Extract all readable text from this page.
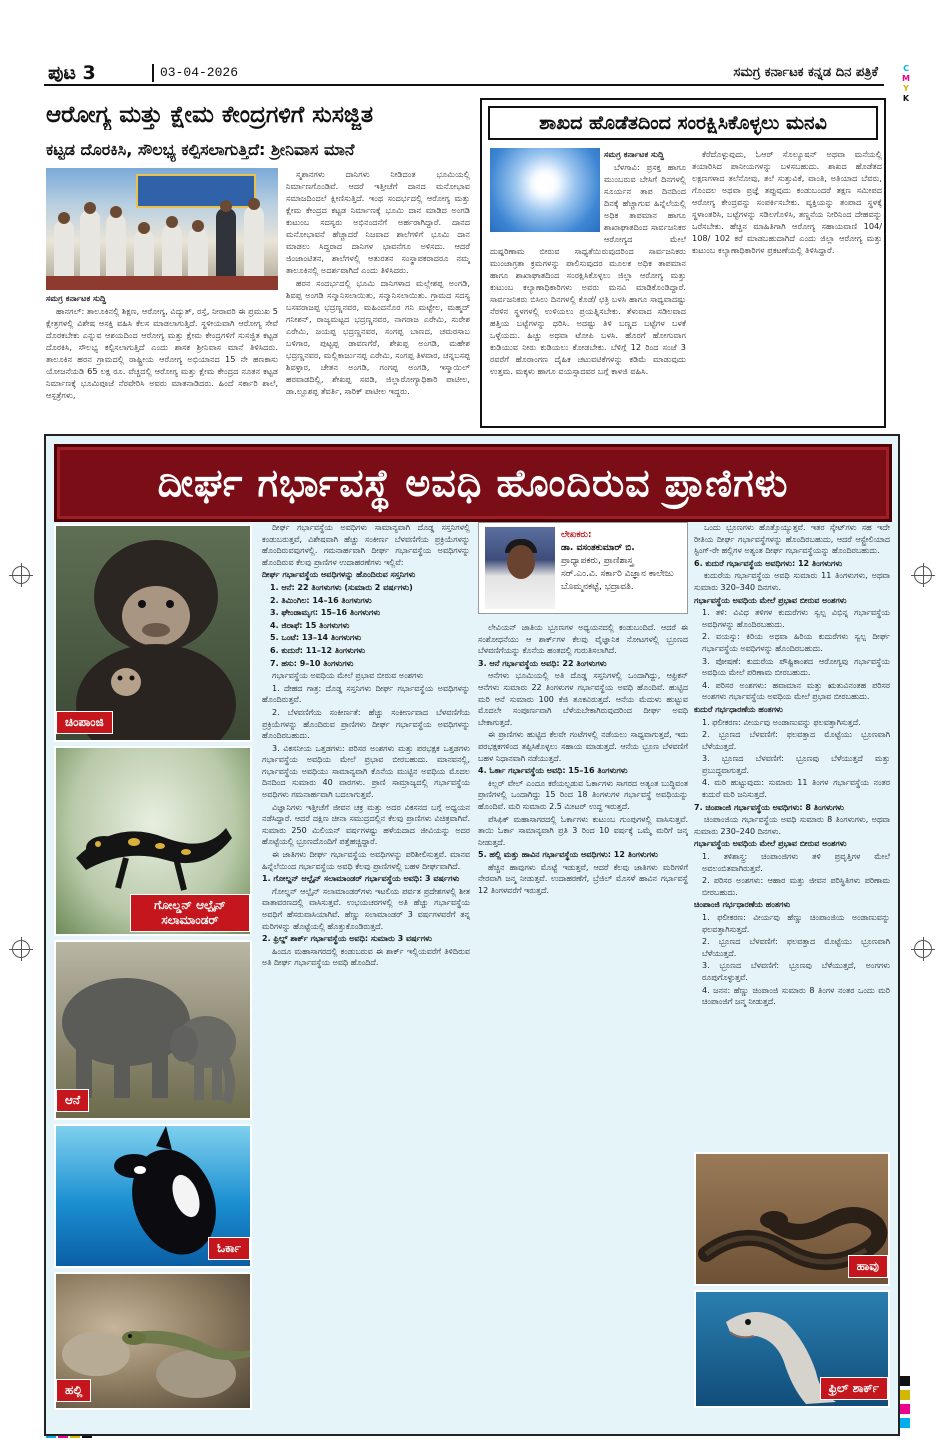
ಪುಟ 3	03-04-2026	ಸಮಗ್ರ ಕರ್ನಾಟಕ ಕನ್ನಡ ದಿನ ಪತ್ರಿಕೆ	C
M
Y
K
ಆರೋಗ್ಯ ಮತ್ತು ಕ್ಷೇಮ ಕೇಂದ್ರಗಳಿಗೆ ಸುಸಜ್ಜಿತ
ಕಟ್ಟಡ ದೊರಕಿಸಿ, ಸೌಲಭ್ಯ ಕಲ್ಪಿಸಲಾಗುತ್ತಿದೆ: ಶ್ರೀನಿವಾಸ ಮಾನೆ

ಸಮಗ್ರ ಕರ್ನಾಟಕ ಸುದ್ದಿ

ಹಾನಗಲ್: ತಾಲೂಕಿನಲ್ಲಿ ಶಿಕ್ಷಣ, ಆರೋಗ್ಯ, ವಿದ್ಯುತ್, ರಸ್ತೆ, ನೀರಾವರಿ ಈ ಪ್ರಮುಖ 5 ಕ್ಷೇತ್ರಗಳಲ್ಲಿ ವಿಶೇಷ ಆಸಕ್ತಿ ವಹಿಸಿ ಕೆಲಸ ಮಾಡಲಾಗುತ್ತಿದೆ. ಸ್ಥಳೀಯವಾಗಿ ಆರೋಗ್ಯ ಸೇವೆ ದೊರಕಬೇಕು ಎನ್ನುವ ಆಶಯದಿಂದ ಆರೋಗ್ಯ ಮತ್ತು ಕ್ಷೇಮ ಕೇಂದ್ರಗಳಿಗೆ ಸುಸಜ್ಜಿತ ಕಟ್ಟಡ ದೊರಕಿಸಿ, ಸೌಲಭ್ಯ ಕಲ್ಪಿಸಲಾಗುತ್ತಿದೆ ಎಂದು ಶಾಸಕ ಶ್ರೀನಿವಾಸ ಮಾನೆ ತಿಳಿಸಿದರು. ತಾಲೂಕಿನ ಹರನ ಗ್ರಾಮದಲ್ಲಿ ರಾಷ್ಟ್ರೀಯ ಆರೋಗ್ಯ ಅಭಿಯಾನದ 15 ನೇ ಹಣಕಾಸು ಯೋಜನೆಯಡಿ 65 ಲಕ್ಷ ರೂ. ವೆಚ್ಚದಲ್ಲಿ ಆರೋಗ್ಯ ಮತ್ತು ಕ್ಷೇಮ ಕೇಂದ್ರದ ನೂತನ ಕಟ್ಟಡ ನಿರ್ಮಾಣಕ್ಕೆ ಭೂಮಿಪೂಜೆ ನೆರವೇರಿಸಿ ಅವರು ಮಾತನಾಡಿದರು. ಹಿಂದೆ ಸರ್ಕಾರಿ ಶಾಲೆ, ಆಸ್ಪತ್ರೆಗಳು,

ಸ್ಮಶಾನಗಳು ದಾನಿಗಳು ನೀಡಿದಂತ ಭೂಮಿಯಲ್ಲಿ ನಿರ್ಮಾಣಗೊಂಡಿವೆ. ಆದರೆ ಇತ್ತೀಚೆಗೆ ದಾನದ ಮನೋಭಾವ ಸಮಾಜದಿಂದಲೆ ಕ್ಷೀಣಿಸುತ್ತಿದೆ. ಇಂಥ ಸಂದರ್ಭದಲ್ಲಿ ಆರೋಗ್ಯ ಮತ್ತು ಕ್ಷೇಮ ಕೇಂದ್ರದ ಕಟ್ಟಡ ನಿರ್ಮಾಣಕ್ಕೆ ಭೂಮಿ ದಾನ ಮಾಡಿದ ಅಂಗಡಿ ಕುಟುಂಬ ಸದಸ್ಯರು ಅಭಿನಂದನೆಗೆ ಅರ್ಹರಾಗಿದ್ದಾರೆ. ದಾನದ ಮನೋಭಾವನೆ ಹೆಚ್ಚಾದರೆ ನಿಜವಾದ ಶಾಲೆಗಳಿಗೆ ಭೂಮಿ ದಾನ ಮಾಡಲು ಸಿದ್ಧರಾದ ದಾನಿಗಳ ಭಾವನೆಗೂ ಅಳಿಸದು. ಆದರೆ ಜಿಂಜಾಂಟಿತನ, ಶಾಲೆಗಳಲ್ಲಿ ಆತುರತನ ಸಂಸ್ಥಾಪಕರಾದರೂ ನಮ್ಮ ತಾಲೂಕಿನಲ್ಲಿ ಅದರ್ಶವಾಗಿದೆ ಎಂದು ತಿಳಿಸಿದರು.

ಹರನ ಸಂದರ್ಭದಲ್ಲಿ ಭೂಮಿ ದಾನಿಗಳಾದ ಮಲ್ಲೇಶಪ್ಪ ಅಂಗಡಿ, ಶಿವಪ್ಪ ಅಂಗಡಿ ಸನ್ಮಾನಿಸಲಾಯಿತು, ಸನ್ಮಾನಿಸಲಾಯಿತು. ಗ್ರಾಮದ ಸದಸ್ಯ ಬಸವರಾಜಪ್ಪ ಭದ್ರಣ್ಣನವರ, ಮಹಿಂದನೊರ ಗನಿ ಮಟ್ಟೇಲ, ಮಹ್ಮದ್ ಗನೀಶನ್, ರಾಜ್ಯಮಟ್ಟದ ಭದ್ರಣ್ಣನವರ, ನಾಗರಾಜ ಎರೇಮಿ, ಸುರೇಶ ಎರೇಮಿ, ಜಯಪ್ಪ ಭದ್ರಣ್ಣನವರ, ಸಂಗಪ್ಪ ಬಾಣದ, ಚಮರಸಾಬ ಬಳಿಗಾರ, ಪುಟ್ಟಪ್ಪ ಡಾವಣಗೆರೆ, ಶೇಖಪ್ಪ ಅಂಗಡಿ, ಮಹೇಶ ಭದ್ರಣ್ಣನವರ, ಮಲ್ಲಿಕಾರ್ಜುನಪ್ಪ ಎರೇಮಿ, ಸಂಗಪ್ಪ ತಿಳವಾರ, ಚನ್ನಬಸಪ್ಪ ಶಿವಳ್ಳಾರ, ಚೇತನ ಅಂಗಡಿ, ಗಂಗಪ್ಪ ಅಂಗಡಿ, ಇಸ್ಮಾಯಿಲ್ ಹರವಾಡದಿಲ್ಲಿ, ಶೇಖಪ್ಪ ಸವಡಿ, ಜಿಲ್ಲಾರೋಗ್ಯಾಧಿಕಾರಿ ಪಾಟೀಲ, ಡಾ.ಲ್ಪೂಶಪ್ಪ ತೆವರ್ತಿ, ಸಾರಿಕ್ ಪಾಟೀಲ ಇದ್ದರು.

ಶಾಖದ ಹೊಡೆತದಿಂದ ಸಂರಕ್ಷಿಸಿಕೊಳ್ಳಲು ಮನವಿ

ಸಮಗ್ರ ಕರ್ನಾಟಕ ಸುದ್ದಿ

ಬೆಳಗಾವಿ: ಪ್ರಸಕ್ತ ಹಾಗೂ ಮುಂಬರುವ ಬೇಸಿಗೆ ದಿನಗಳಲ್ಲಿ ಸೂರ್ಯನ ತಾಪ ದಿನದಿಂದ ದಿನಕ್ಕೆ ಹೆಚ್ಚಾಗುವ ಹಿನ್ನೆಲೆಯಲ್ಲಿ ಅಧಿಕ ತಾಪಮಾನ ಹಾಗೂ ಶಾಖಾಘಾತದಿಂದ ಸಾರ್ವಜನಿಕರ ಆರೋಗ್ಯದ ಮೇಲೆ ದುಷ್ಪರಿಣಾಮ ಬೀರುವ ಸಾಧ್ಯತೆಯಿರುವುದರಿಂದ ಸಾರ್ವಜನಿಕರು ಮುಂಜಾಗ್ರತಾ ಕ್ರಮಗಳನ್ನು ಪಾಲಿಸುವುದರ ಮೂಲಕ ಅಧಿಕ ತಾಪಮಾನ ಹಾಗೂ ಶಾಖಾಘಾತದಿಂದ ಸಂರಕ್ಷಿಸಿಕೊಳ್ಳಲು ಜಿಲ್ಲಾ ಆರೋಗ್ಯ ಮತ್ತು ಕುಟುಂಬ ಕಲ್ಯಾಣಾಧಿಕಾರಿಗಳು ಅವರು ಮನವಿ ಮಾಡಿಕೊಂಡಿದ್ದಾರೆ. ಸಾರ್ವಜನಿಕರು ಬಿಸಿಲು ದಿನಗಳಲ್ಲಿ ಕೊಡೆ/ ಛತ್ರಿ ಬಳಸಿ ಹಾಗೂ ಸಾಧ್ಯವಾದಷ್ಟು ನೆರಳಿನ ಸ್ಥಳಗಳಲ್ಲಿ ಉಳಿಯಲು ಪ್ರಯತ್ನಿಸಬೇಕು. ತೆಳುವಾದ ಸಡಿಲವಾದ ಹತ್ತಿಯ ಬಟ್ಟೆಗಳನ್ನು ಧರಿಸಿ. ಅದಷ್ಟು ತಿಳಿ ಬಣ್ಣದ ಬಟ್ಟೆಗಳ ಬಳಕೆ ಒಳ್ಳೆಯದು. ಹಿಚ್ಚು ಅಥವಾ ಟೋಪಿ ಬಳಸಿ. ಹೊರಗೆ ಹೋಗುವಾಗ ಕುಡಿಯುವ ನೀರು ಕುಡಿಯಲು ಕೋಡಬೇಕು. ಬೆಳಿಗ್ಗೆ 12 ರಿಂದ ಸಂಜೆ 3 ರವರೆಗೆ ಹೊರಾಂಗಣ ದೈಹಿಕ ಚಟುವಟಿಕೆಗಳನ್ನು ಕಡಿಮೆ ಮಾಡುವುದು ಉತ್ತಮ. ಮಕ್ಕಳು ಹಾಗೂ ವಯಸ್ಸಾದವರ ಬಗ್ಗೆ ಕಾಳಜಿ ವಹಿಸಿ.

ಕೆರೆದೊಳ್ಳುವುದು, ಓಆರ್ ಸೊಲ್ಯೂಷನ್ ಅಥವಾ ಮನೆಯಲ್ಲಿ ತಯಾರಿಸಿದ ಪಾನೀಯಗಳನ್ನು ಬಳಸಬಹುದು. ಶಾಖದ ಹೊಡೆತದ ಲಕ್ಷಣಗಳಾದ ತಲೆನೋವು, ತಲೆ ಸುತ್ತುವಿಕೆ, ವಾಂತಿ, ಅತಿಯಾದ ಬೆವರು, ಗೊಂದಲ ಅಥವಾ ಪ್ರಜ್ಞೆ ತಪ್ಪುವುದು ಕಂಡುಬಂದರೆ ತಕ್ಷಣ ಸಮೀಪದ ಆರೋಗ್ಯ ಕೇಂದ್ರವನ್ನು ಸಂಪರ್ಕಿಸಬೇಕು. ವ್ಯಕ್ತಿಯನ್ನು ತಂಪಾದ ಸ್ಥಳಕ್ಕೆ ಸ್ಥಳಾಂತರಿಸಿ, ಬಟ್ಟೆಗಳನ್ನು ಸಡಿಲಗೊಳಿಸಿ, ತಣ್ಣನೆಯ ನೀರಿನಿಂದ ದೇಹವನ್ನು ಒರೆಸಬೇಕು. ಹೆಚ್ಚಿನ ಮಾಹಿತಿಗಾಗಿ ಆರೋಗ್ಯ ಸಹಾಯವಾಣಿ 104/ 108/ 102 ಕರೆ ಮಾಡಬಹುದಾಗಿದೆ ಎಂದು ಜಿಲ್ಲಾ ಆರೋಗ್ಯ ಮತ್ತು ಕುಟುಂಬ ಕಲ್ಯಾಣಾಧಿಕಾರಿಗಳ ಪ್ರಕಟಣೆಯಲ್ಲಿ ತಿಳಿಸಿದ್ದಾರೆ.

ದೀರ್ಘ ಗರ್ಭಾವಸ್ಥೆ ಅವಧಿ ಹೊಂದಿರುವ ಪ್ರಾಣಿಗಳು
ಚಿಂಪಾಂಜಿ
ಗೋಲ್ಡನ್ ಆಲ್ಪೈನ್ ಸಲಾಮಾಂಡರ್
ಆನೆ
ಓರ್ಕಾ
ಹಲ್ಲಿ
ಹಾವು
ಫ್ರಿಲ್ ಶಾರ್ಕ್
ಲೇಖಕರು:
ಡಾ. ವಸಂತಕುಮಾರ್ ಬಿ.
ಪ್ರಾಧ್ಯಾಪಕರು, ಪ್ರಾಣಿಶಾಸ್ತ್ರ
ಸರ್.ಎಂ.ವಿ. ಸರ್ಕಾರಿ ವಿಜ್ಞಾನ ಕಾಲೇಜು
ಬೊಮ್ಮನಕಟ್ಟೆ, ಭದ್ರಾವತಿ.

ದೀರ್ಘ ಗರ್ಭಾವಸ್ಥೆಯ ಅವಧಿಗಳು ಸಾಮಾನ್ಯವಾಗಿ ದೊಡ್ಡ ಸಸ್ತನಿಗಳಲ್ಲಿ ಕಂಡುಬರುತ್ತವೆ, ವಿಶೇಷವಾಗಿ ಹೆಚ್ಚು ಸಂಕೀರ್ಣ ಬೆಳವಣಿಗೆಯ ಪ್ರಕ್ರಿಯೆಗಳನ್ನು ಹೊಂದಿರುವವುಗಳಲ್ಲಿ. ಗಮನಾರ್ಹವಾಗಿ ದೀರ್ಘ ಗರ್ಭಾವಸ್ಥೆಯ ಅವಧಿಗಳನ್ನು ಹೊಂದಿರುವ ಕೆಲವು ಪ್ರಾಣಿಗಳ ಉದಾಹರಣೆಗಳು ಇಲ್ಲಿವೆ:

ದೀರ್ಘ ಗರ್ಭಾವಸ್ಥೆಯ ಅವಧಿಗಳನ್ನು ಹೊಂದಿರುವ ಸಸ್ತನಿಗಳು

1. ಆನೆ: 22 ತಿಂಗಳುಗಳು (ಸುಮಾರು 2 ವರ್ಷಗಳು)

2. ತಿಮಿಂಗಿಲ: 14–16 ತಿಂಗಳುಗಳು

3. ಘೇಂಡಾಮೃಗ: 15–16 ತಿಂಗಳುಗಳು

4. ಜಿರಾಫೆ: 15 ತಿಂಗಳುಗಳು

5. ಒಂಟೆ: 13–14 ತಿಂಗಳುಗಳು

6. ಕುದುರೆ: 11–12 ತಿಂಗಳುಗಳು

7. ಹಸು: 9–10 ತಿಂಗಳುಗಳು

ಗರ್ಭಾವಸ್ಥೆಯ ಅವಧಿಯ ಮೇಲೆ ಪ್ರಭಾವ ಬೀರುವ ಅಂಶಗಳು

1. ದೇಹದ ಗಾತ್ರ: ದೊಡ್ಡ ಸಸ್ತನಿಗಳು ದೀರ್ಘ ಗರ್ಭಾವಸ್ಥೆಯ ಅವಧಿಗಳನ್ನು ಹೊಂದಿರುತ್ತವೆ.

2. ಬೆಳವಣಿಗೆಯ ಸಂಕೀರ್ಣತೆ: ಹೆಚ್ಚು ಸಂಕೀರ್ಣವಾದ ಬೆಳವಣಿಗೆಯ ಪ್ರಕ್ರಿಯೆಗಳನ್ನು ಹೊಂದಿರುವ ಪ್ರಾಣಿಗಳು ದೀರ್ಘ ಗರ್ಭಾವಸ್ಥೆಯ ಅವಧಿಗಳನ್ನು ಹೊಂದಿರಬಹುದು.

3. ವಿಕಸನೀಯ ಒತ್ತಡಗಳು: ಪರಿಸರ ಅಂಶಗಳು ಮತ್ತು ಪರಭಕ್ಷಕ ಒತ್ತಡಗಳು ಗರ್ಭಾವಸ್ಥೆಯ ಅವಧಿಯ ಮೇಲೆ ಪ್ರಭಾವ ಬೀರಬಹುದು. ಮಾನವನಲ್ಲಿ, ಗರ್ಭಾವಸ್ಥೆಯ ಅವಧಿಯು ಸಾಮಾನ್ಯವಾಗಿ ಕೊನೆಯ ಮುಟ್ಟಿನ ಅವಧಿಯ ಮೊದಲ ದಿನದಿಂದ ಸುಮಾರು 40 ವಾರಗಳು. ಪ್ರಾಣಿ ಸಾಮ್ರಾಜ್ಯದಲ್ಲಿ ಗರ್ಭಾವಸ್ಥೆಯ ಅವಧಿಗಳು ಗಮನಾರ್ಹವಾಗಿ ಬದಲಾಗುತ್ತವೆ.

ವಿಜ್ಞಾನಿಗಳು ಇತ್ತೀಚೆಗೆ ಜೀವನ ಚಕ್ರ ಮತ್ತು ಅದರ ವಿಕಸನದ ಬಗ್ಗೆ ಅಧ್ಯಯನ ನಡೆಸಿದ್ದಾರೆ. ಆದರೆ ದಕ್ಷಿಣ ಚೀನಾ ಸಮುದ್ರದಲ್ಲಿನ ಕೆಲವು ಪ್ರಾಣಿಗಳು ವಿಚಿತ್ರವಾಗಿವೆ. ಸುಮಾರು 250 ಮಿಲಿಯನ್ ವರ್ಷಗಳಷ್ಟು ಹಳೆಯದಾದ ಜೀವಿಯನ್ನು ಅದರ ಹೊಟ್ಟೆಯಲ್ಲಿ ಭ್ರೂಣದೊಂದಿಗೆ ಪತ್ತೆಹಚ್ಚಿದ್ದಾರೆ.

ಈ ಜಾತಿಗಳು ದೀರ್ಘ ಗರ್ಭಾವಸ್ಥೆಯ ಅವಧಿಗಳನ್ನು ಪರಿಶೀಲಿಸುತ್ತವೆ. ಮಾನವ ಹಿನ್ನೆಲೆಯಿಂದ ಗರ್ಭಾವಸ್ಥೆಯ ಅವಧಿ ಕೆಲವು ಪ್ರಾಣಿಗಳಲ್ಲಿ ಬಹಳ ದೀರ್ಘವಾಗಿದೆ.

1. ಗೋಲ್ಡನ್ ಆಲ್ಪೈನ್ ಸಲಾಮಾಂಡರ್ ಗರ್ಭಾವಸ್ಥೆಯ ಅವಧಿ: 3 ವರ್ಷಗಳು

ಗೋಲ್ಡನ್ ಆಲ್ಪೈನ್ ಸಲಾಮಾಂಡರ್‌ಗಳು ಇಟಲಿಯ ಪರ್ವತ ಪ್ರದೇಶಗಳಲ್ಲಿ ಶೀತ ವಾತಾವರಣದಲ್ಲಿ ವಾಸಿಸುತ್ತವೆ. ಉಭಯಚರಗಳಲ್ಲಿ ಅತಿ ಹೆಚ್ಚು ಗರ್ಭಾವಸ್ಥೆಯ ಅವಧಿಗೆ ಹೆಸರುವಾಸಿಯಾಗಿವೆ. ಹೆಣ್ಣು ಸಲಾಮಾಂಡರ್ 3 ವರ್ಷಗಳವರೆಗೆ ತನ್ನ ಮರಿಗಳನ್ನು ಹೊಟ್ಟೆಯಲ್ಲಿ ಹೊತ್ತುಕೊಂಡಿರುತ್ತದೆ.

2. ಫ್ರಿಲ್ಡ್ ಶಾರ್ಕ್ ಗರ್ಭಾವಸ್ಥೆಯ ಅವಧಿ: ಸುಮಾರು 3 ವರ್ಷಗಳು

ಹಿಂದೂ ಮಹಾಸಾಗರದಲ್ಲಿ ಕಂಡುಬರುವ ಈ ಶಾರ್ಕ್ ಇಲ್ಲಿಯವರೆಗೆ ತಿಳಿದಿರುವ ಅತಿ ದೀರ್ಘ ಗರ್ಭಾವಸ್ಥೆಯ ಅವಧಿ ಹೊಂದಿದೆ.

ಲೇವಿಯನ್ ಜಾತಿಯ ಭ್ರೂಣಗಳ ಅಧ್ಯಯನದಲ್ಲಿ ಕಂಡುಬಂದಿದೆ. ಆದರೆ ಈ ಸಂಶೋಧನೆಯು ಆ ಶಾರ್ಕ್‌ಗಳ ಕೆಲವು ವೈಜ್ಞಾನಿಕ ನೋಟಗಳಲ್ಲಿ ಭ್ರೂಣದ ಬೆಳವಣಿಗೆಯನ್ನು ಕೊನೆಯ ಹಂತದಲ್ಲಿ ಗುರುತಿಸಲಾಗಿದೆ.

3. ಆನೆ ಗರ್ಭಾವಸ್ಥೆಯ ಅವಧಿ: 22 ತಿಂಗಳುಗಳು

ಆನೆಗಳು ಭೂಮಿಯಲ್ಲಿ ಅತಿ ದೊಡ್ಡ ಸಸ್ತನಿಗಳಲ್ಲಿ ಒಂದಾಗಿದ್ದು, ಆಫ್ರಿಕನ್ ಆನೆಗಳು ಸುಮಾರು 22 ತಿಂಗಳುಗಳ ಗರ್ಭಾವಸ್ಥೆಯ ಅವಧಿ ಹೊಂದಿವೆ. ಹುಟ್ಟಿದ ಮರಿ ಆನೆ ಸುಮಾರು 100 ಕೆಜಿ ತೂಕವಿರುತ್ತದೆ. ಆನೆಯ ಮೆದುಳು ಹುಟ್ಟುವ ಮೊದಲೇ ಸಂಪೂರ್ಣವಾಗಿ ಬೆಳೆಯಬೇಕಾಗಿರುವುದರಿಂದ ದೀರ್ಘ ಅವಧಿ ಬೇಕಾಗುತ್ತದೆ.

ಈ ಪ್ರಾಣಿಗಳು ಹುಟ್ಟಿದ ಕೆಲವೇ ಗಂಟೆಗಳಲ್ಲಿ ನಡೆಯಲು ಸಾಧ್ಯವಾಗುತ್ತದೆ, ಇದು ಪರಭಕ್ಷಕಗಳಿಂದ ತಪ್ಪಿಸಿಕೊಳ್ಳಲು ಸಹಾಯ ಮಾಡುತ್ತದೆ. ಆನೆಯ ಭ್ರೂಣ ಬೆಳವಣಿಗೆ ಬಹಳ ನಿಧಾನವಾಗಿ ನಡೆಯುತ್ತದೆ.

4. ಓರ್ಕಾ ಗರ್ಭಾವಸ್ಥೆಯ ಅವಧಿ: 15–16 ತಿಂಗಳುಗಳು

ಕಿಲ್ಲರ್ ವೇಲ್ ಎಂದೂ ಕರೆಯಲ್ಪಡುವ ಓರ್ಕಾಗಳು ಸಾಗರದ ಅತ್ಯಂತ ಬುದ್ಧಿವಂತ ಪ್ರಾಣಿಗಳಲ್ಲಿ ಒಂದಾಗಿದ್ದು 15 ರಿಂದ 18 ತಿಂಗಳುಗಳ ಗರ್ಭಾವಸ್ಥೆ ಅವಧಿಯನ್ನು ಹೊಂದಿವೆ. ಮರಿ ಸುಮಾರು 2.5 ಮೀಟರ್ ಉದ್ದ ಇರುತ್ತದೆ.

ಪೆಸಿಫಿಕ್ ಮಹಾಸಾಗರದಲ್ಲಿ ಓರ್ಕಾಗಳು ಕುಟುಂಬ ಗುಂಪುಗಳಲ್ಲಿ ವಾಸಿಸುತ್ತವೆ. ತಾಯಿ ಓರ್ಕಾ ಸಾಮಾನ್ಯವಾಗಿ ಪ್ರತಿ 3 ರಿಂದ 10 ವರ್ಷಕ್ಕೆ ಒಮ್ಮೆ ಮರಿಗೆ ಜನ್ಮ ನೀಡುತ್ತದೆ.

5. ಹಲ್ಲಿ ಮತ್ತು ಹಾವಿನ ಗರ್ಭಾವಸ್ಥೆಯ ಅವಧಿಗಳು: 12 ತಿಂಗಳುಗಳು

ಹೆಚ್ಚಿನ ಹಾವುಗಳು ಮೊಟ್ಟೆ ಇಡುತ್ತವೆ, ಆದರೆ ಕೆಲವು ಜಾತಿಗಳು ಮರಿಗಳಿಗೆ ನೇರವಾಗಿ ಜನ್ಮ ನೀಡುತ್ತವೆ. ಉದಾಹರಣೆಗೆ, ಬ್ರೆಜಿಲ್ ಮೊಸಳೆ ಹಾವಿನ ಗರ್ಭಾವಸ್ಥೆ 12 ತಿಂಗಳವರೆಗೆ ಇರುತ್ತದೆ.

ಒಂದು ಭ್ರೂಣಗಳು ಹೊತ್ತೊಯ್ಯುತ್ತವೆ. ಇತರ ಸ್ಕೇಟ್‌ಗಳು ಸಹ ಇದೇ ರೀತಿಯ ದೀರ್ಘ ಗರ್ಭಾವಸ್ಥೆಗಳನ್ನು ಹೊಂದಿರಬಹುದು, ಆದರೆ ಆಸ್ಟ್ರೇಲಿಯಾದ ಸ್ಟಿಂಗ್-ರೇ ಹಲ್ಲಿಗಳ ಅತ್ಯಂತ ದೀರ್ಘ ಗರ್ಭಾವಸ್ಥೆಯನ್ನು ಹೊಂದಿರಬಹುದು.

6. ಕುದುರೆ ಗರ್ಭಾವಸ್ಥೆಯ ಅವಧಿಗಳು: 12 ತಿಂಗಳುಗಳು

ಕುದುರೆಯ ಗರ್ಭಾವಸ್ಥೆಯ ಅವಧಿ ಸುಮಾರು 11 ತಿಂಗಳುಗಳು, ಅಥವಾ ಸುಮಾರು 320–340 ದಿನಗಳು.

ಗರ್ಭಾವಸ್ಥೆಯ ಅವಧಿಯ ಮೇಲೆ ಪ್ರಭಾವ ಬೀರುವ ಅಂಶಗಳು

1. ತಳಿ: ವಿವಿಧ ತಳಿಗಳ ಕುದುರೆಗಳು ಸ್ವಲ್ಪ ವಿಭಿನ್ನ ಗರ್ಭಾವಸ್ಥೆಯ ಅವಧಿಗಳನ್ನು ಹೊಂದಿರಬಹುದು.

2. ವಯಸ್ಸು: ಕಿರಿಯ ಅಥವಾ ಹಿರಿಯ ಕುದುರೆಗಳು ಸ್ವಲ್ಪ ದೀರ್ಘ ಗರ್ಭಾವಸ್ಥೆಯ ಅವಧಿಗಳನ್ನು ಹೊಂದಿರಬಹುದು.

3. ಪೋಷಣೆ: ಕುದುರೆಯ ಪೌಷ್ಟಿಕಾಂಶದ ಆರೋಗ್ಯವು ಗರ್ಭಾವಸ್ಥೆಯ ಅವಧಿಯ ಮೇಲೆ ಪರಿಣಾಮ ಬೀರಬಹುದು.

4. ಪರಿಸರ ಅಂಶಗಳು: ಹವಾಮಾನ ಮತ್ತು ಋತುವಿನಂತಹ ಪರಿಸರ ಅಂಶಗಳು ಗರ್ಭಾವಸ್ಥೆಯ ಅವಧಿಯ ಮೇಲೆ ಪ್ರಭಾವ ಬೀರಬಹುದು.

ಕುದುರೆ ಗರ್ಭಧಾರಣೆಯ ಹಂತಗಳು

1. ಫಲೀಕರಣ: ವೀರ್ಯವು ಅಂಡಾಣುವನ್ನು ಫಲವತ್ತಾಗಿಸುತ್ತದೆ.

2. ಭ್ರೂಣದ ಬೆಳವಣಿಗೆ: ಫಲವತ್ತಾದ ಮೊಟ್ಟೆಯು ಭ್ರೂಣವಾಗಿ ಬೆಳೆಯುತ್ತದೆ.

3. ಭ್ರೂಣದ ಬೆಳವಣಿಗೆ: ಭ್ರೂಣವು ಬೆಳೆಯುತ್ತದೆ ಮತ್ತು ಪ್ರಬುದ್ಧವಾಗುತ್ತದೆ.

4. ಮರಿ ಹುಟ್ಟುವುದು: ಸುಮಾರು 11 ತಿಂಗಳ ಗರ್ಭಾವಸ್ಥೆಯ ನಂತರ ಕುದುರೆ ಮರಿ ಜನಿಸುತ್ತದೆ.

7. ಚಿಂಪಾಂಜಿ ಗರ್ಭಾವಸ್ಥೆಯ ಅವಧಿಗಳು: 8 ತಿಂಗಳುಗಳು

ಚಿಂಪಾಂಜಿಯ ಗರ್ಭಾವಸ್ಥೆಯ ಅವಧಿ ಸುಮಾರು 8 ತಿಂಗಳುಗಳು, ಅಥವಾ ಸುಮಾರು 230–240 ದಿನಗಳು.

ಗರ್ಭಾವಸ್ಥೆಯ ಅವಧಿಯ ಮೇಲೆ ಪ್ರಭಾವ ಬೀರುವ ಅಂಶಗಳು

1. ತಳಿಶಾಸ್ತ್ರ: ಚಿಂಪಾಂಜಿಗಳು ತಳಿ ಪ್ರವೃತ್ತಿಗಳ ಮೇಲೆ ಅವಲಂಬಿತವಾಗಿರುತ್ತವೆ.

2. ಪರಿಸರ ಅಂಶಗಳು: ಆಹಾರ ಮತ್ತು ಜೀವನ ಪರಿಸ್ಥಿತಿಗಳು ಪರಿಣಾಮ ಬೀರಬಹುದು.

ಚಿಂಪಾಂಜಿ ಗರ್ಭಧಾರಣೆಯ ಹಂತಗಳು

1. ಫಲೀಕರಣ: ವೀರ್ಯವು ಹೆಣ್ಣು ಚಿಂಪಾಂಜಿಯ ಅಂಡಾಣುವನ್ನು ಫಲವತ್ತಾಗಿಸುತ್ತದೆ.

2. ಭ್ರೂಣದ ಬೆಳವಣಿಗೆ: ಫಲವತ್ತಾದ ಮೊಟ್ಟೆಯು ಭ್ರೂಣವಾಗಿ ಬೆಳೆಯುತ್ತದೆ.

3. ಭ್ರೂಣದ ಬೆಳವಣಿಗೆ: ಭ್ರೂಣವು ಬೆಳೆಯುತ್ತದೆ, ಅಂಗಗಳು ರೂಪುಗೊಳ್ಳುತ್ತವೆ.

4. ಜನನ: ಹೆಣ್ಣು ಚಿಂಪಾಂಜಿ ಸುಮಾರು 8 ತಿಂಗಳ ನಂತರ ಒಂದು ಮರಿ ಚಿಂಪಾಂಜಿಗೆ ಜನ್ಮ ನೀಡುತ್ತದೆ.
